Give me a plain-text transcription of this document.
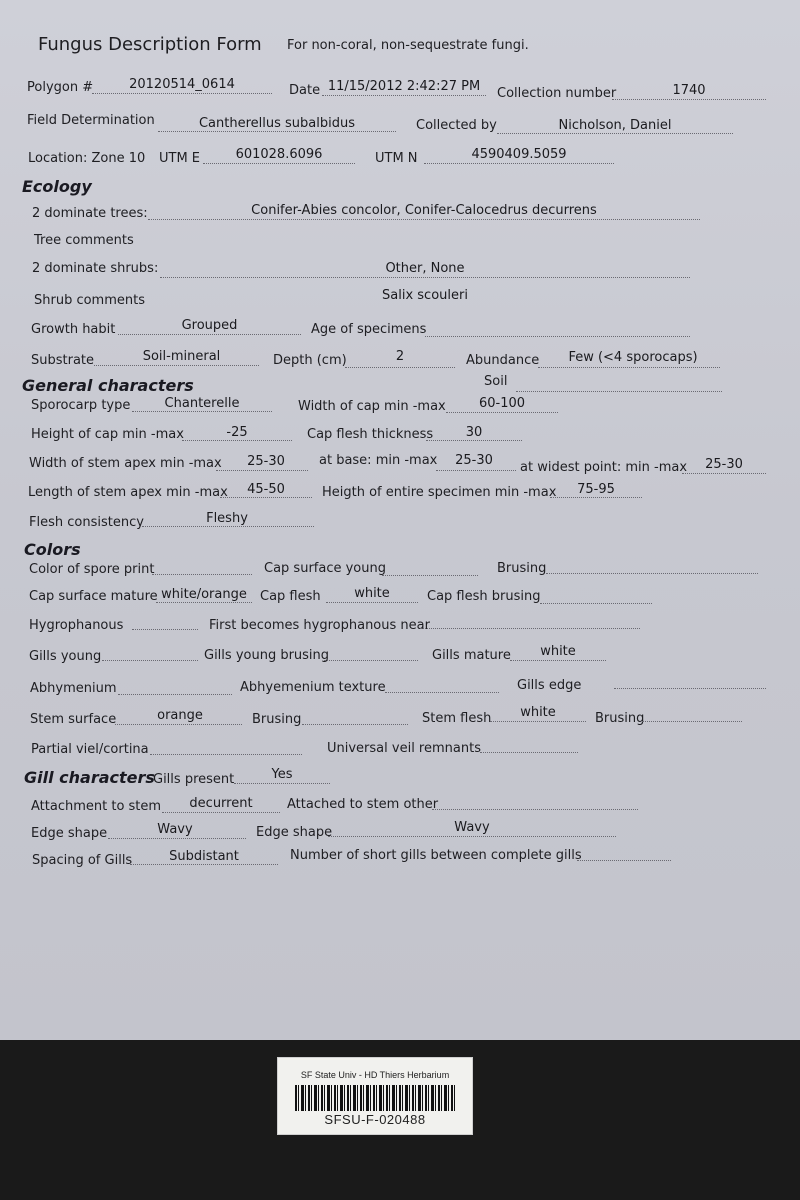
Fungus Description Form For non-coral, non-sequestrate fungi.
Polygon #	20120514_0614	Date 11/15/2012 2:42:27 PM	Collection number	1740
Field Determination	Cantherellus subalbidus	Collected by	Nicholson, Daniel
Location: Zone 10 UTM E	601028.6096	UTM N	4590409.5059
Ecology
2 dominate trees:	Conifer-Abies concolor, Conifer-Calocedrus decurrens
Tree comments
2 dominate shrubs:	Other, None
Shrub comments	Salix scouleri
Growth habit	Grouped	Age of specimens
Substrate	Soil-mineral	Depth (cm)	2	Abundance	Few (<4 sporocaps)
General characters	Soil
Sporocarp type	Chanterelle	Width of cap min -max	60-100
Height of cap min -max	-25	Cap flesh thickness	30
Width of stem apex min -max	25-30	at base: min -max	25-30	at widest point: min -max	25-30
Length of stem apex min -max	45-50	Heigth of entire specimen min -max	75-95
Flesh consistency	Fleshy
Colors
Color of spore print	Cap surface young	Brusing
Cap surface mature white/orange	Cap flesh	white	Cap flesh brusing
Hygrophanous	First becomes hygrophanous near
Gills young	Gills young brusing	Gills mature	white
Abhymenium	Abhyemenium texture	Gills edge
Stem surface	orange	Brusing	Stem flesh	white	Brusing
Partial viel/cortina	Universal veil remnants
Gill characters
Gills present	Yes
Attachment to stem	decurrent	Attached to stem other
Edge shape	Wavy	Edge shape	Wavy
Spacing of Gills	Subdistant	Number of short gills between complete gills
SF State Univ - HD Thiers Herbarium
SFSU-F-020488
